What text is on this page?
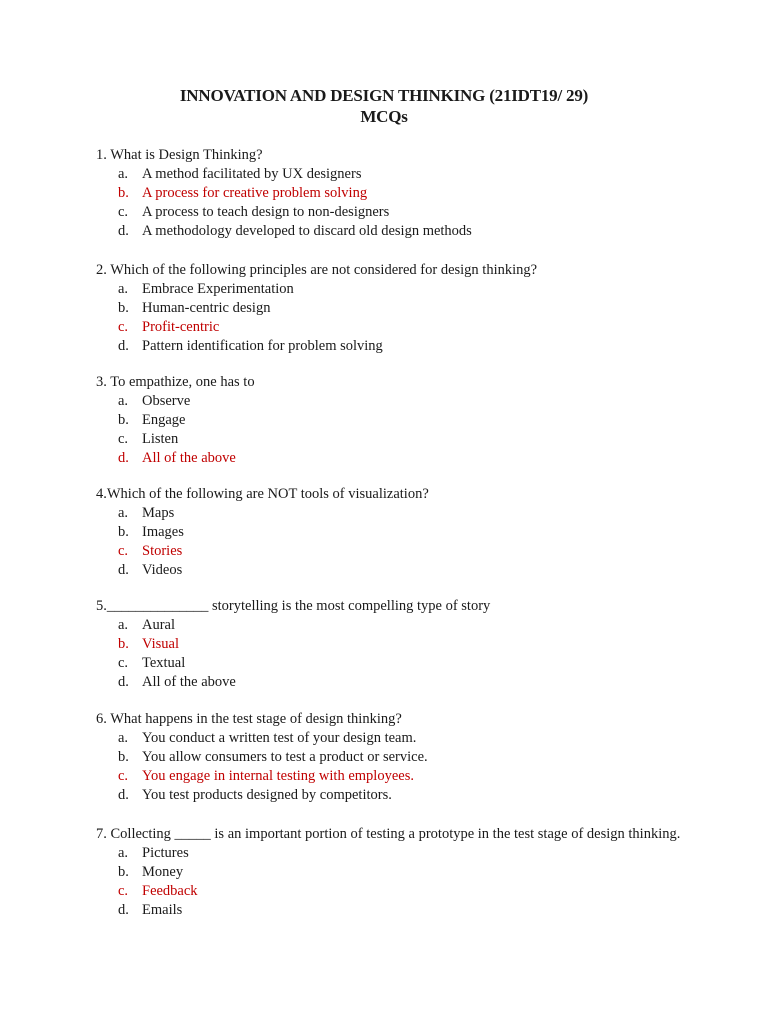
INNOVATION AND DESIGN THINKING (21IDT19/ 29)
MCQs
1. What is Design Thinking?
a. A method facilitated by UX designers
b. A process for creative problem solving
c. A process to teach design to non-designers
d. A methodology developed to discard old design methods
2. Which of the following principles are not considered for design thinking?
a. Embrace Experimentation
b. Human-centric design
c. Profit-centric
d. Pattern identification for problem solving
3. To empathize, one has to
a. Observe
b. Engage
c. Listen
d. All of the above
4.Which of the following are NOT tools of visualization?
a. Maps
b. Images
c. Stories
d. Videos
5.______________ storytelling is the most compelling type of story
a. Aural
b. Visual
c. Textual
d. All of the above
6. What happens in the test stage of design thinking?
a. You conduct a written test of your design team.
b. You allow consumers to test a product or service.
c. You engage in internal testing with employees.
d. You test products designed by competitors.
7. Collecting _____ is an important portion of testing a prototype in the test stage of design thinking.
a. Pictures
b. Money
c. Feedback
d. Emails
